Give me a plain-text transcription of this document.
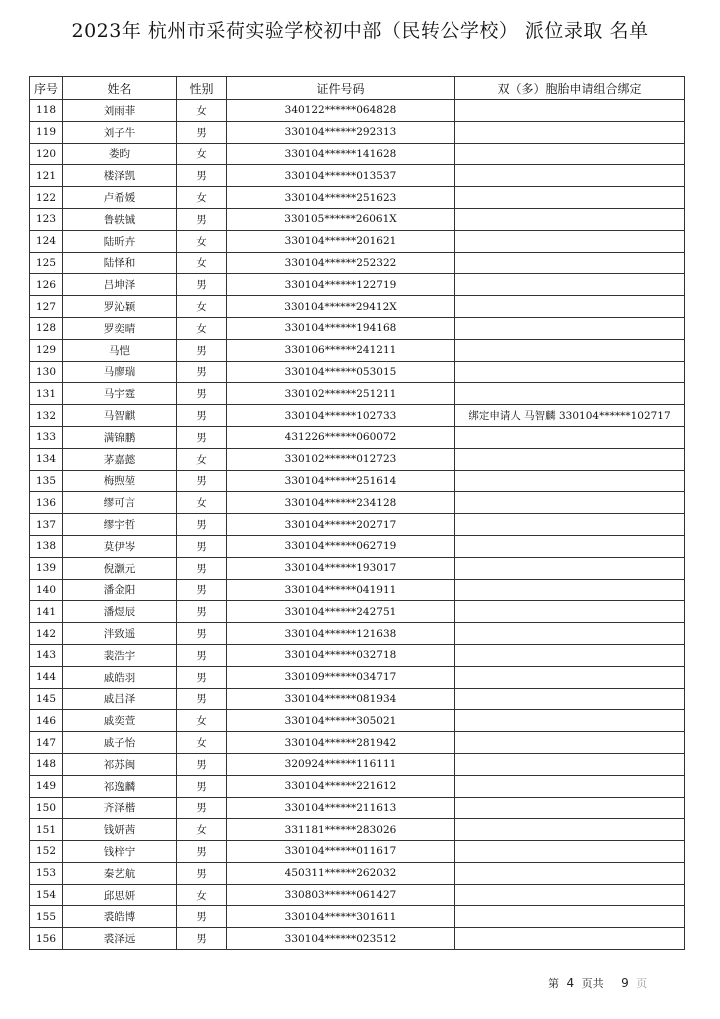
2023年 杭州市采荷实验学校初中部（民转公学校） 派位录取 名单
序号	姓名	性别	证件号码	双（多）胞胎申请组合绑定
118	刘雨菲	女	340122******064828	
119	刘子牛	男	330104******292313	
120	娄昀	女	330104******141628	
121	楼泽凯	男	330104******013537	
122	卢希媛	女	330104******251623	
123	鲁轶铖	男	330105******26061X	
124	陆昕卉	女	330104******201621	
125	陆怿和	女	330104******252322	
126	吕坤泽	男	330104******122719	
127	罗沁颖	女	330104******29412X	
128	罗奕晴	女	330104******194168	
129	马恺	男	330106******241211	
130	马廖瑞	男	330104******053015	
131	马宇霆	男	330102******251211	
132	马智麒	男	330104******102733	绑定申请人 马智麟 330104******102717
133	满锦鹏	男	431226******060072	
134	茅嘉懿	女	330102******012723	
135	梅煦堃	男	330104******251614	
136	缪可言	女	330104******234128	
137	缪宇哲	男	330104******202717	
138	莫伊岑	男	330104******062719	
139	倪灏元	男	330104******193017	
140	潘金阳	男	330104******041911	
141	潘煜辰	男	330104******242751	
142	泮致遥	男	330104******121638	
143	裴浩宇	男	330104******032718	
144	戚皓羽	男	330109******034717	
145	戚吕泽	男	330104******081934	
146	戚奕萱	女	330104******305021	
147	戚子怡	女	330104******281942	
148	祁苏闽	男	320924******116111	
149	祁逸麟	男	330104******221612	
150	齐泽楷	男	330104******211613	
151	钱妍茜	女	331181******283026	
152	钱梓宁	男	330104******011617	
153	秦艺航	男	450311******262032	
154	邱思妍	女	330803******061427	
155	裘皓博	男	330104******301611	
156	裘泽远	男	330104******023512	
第 4 页共 9 页
